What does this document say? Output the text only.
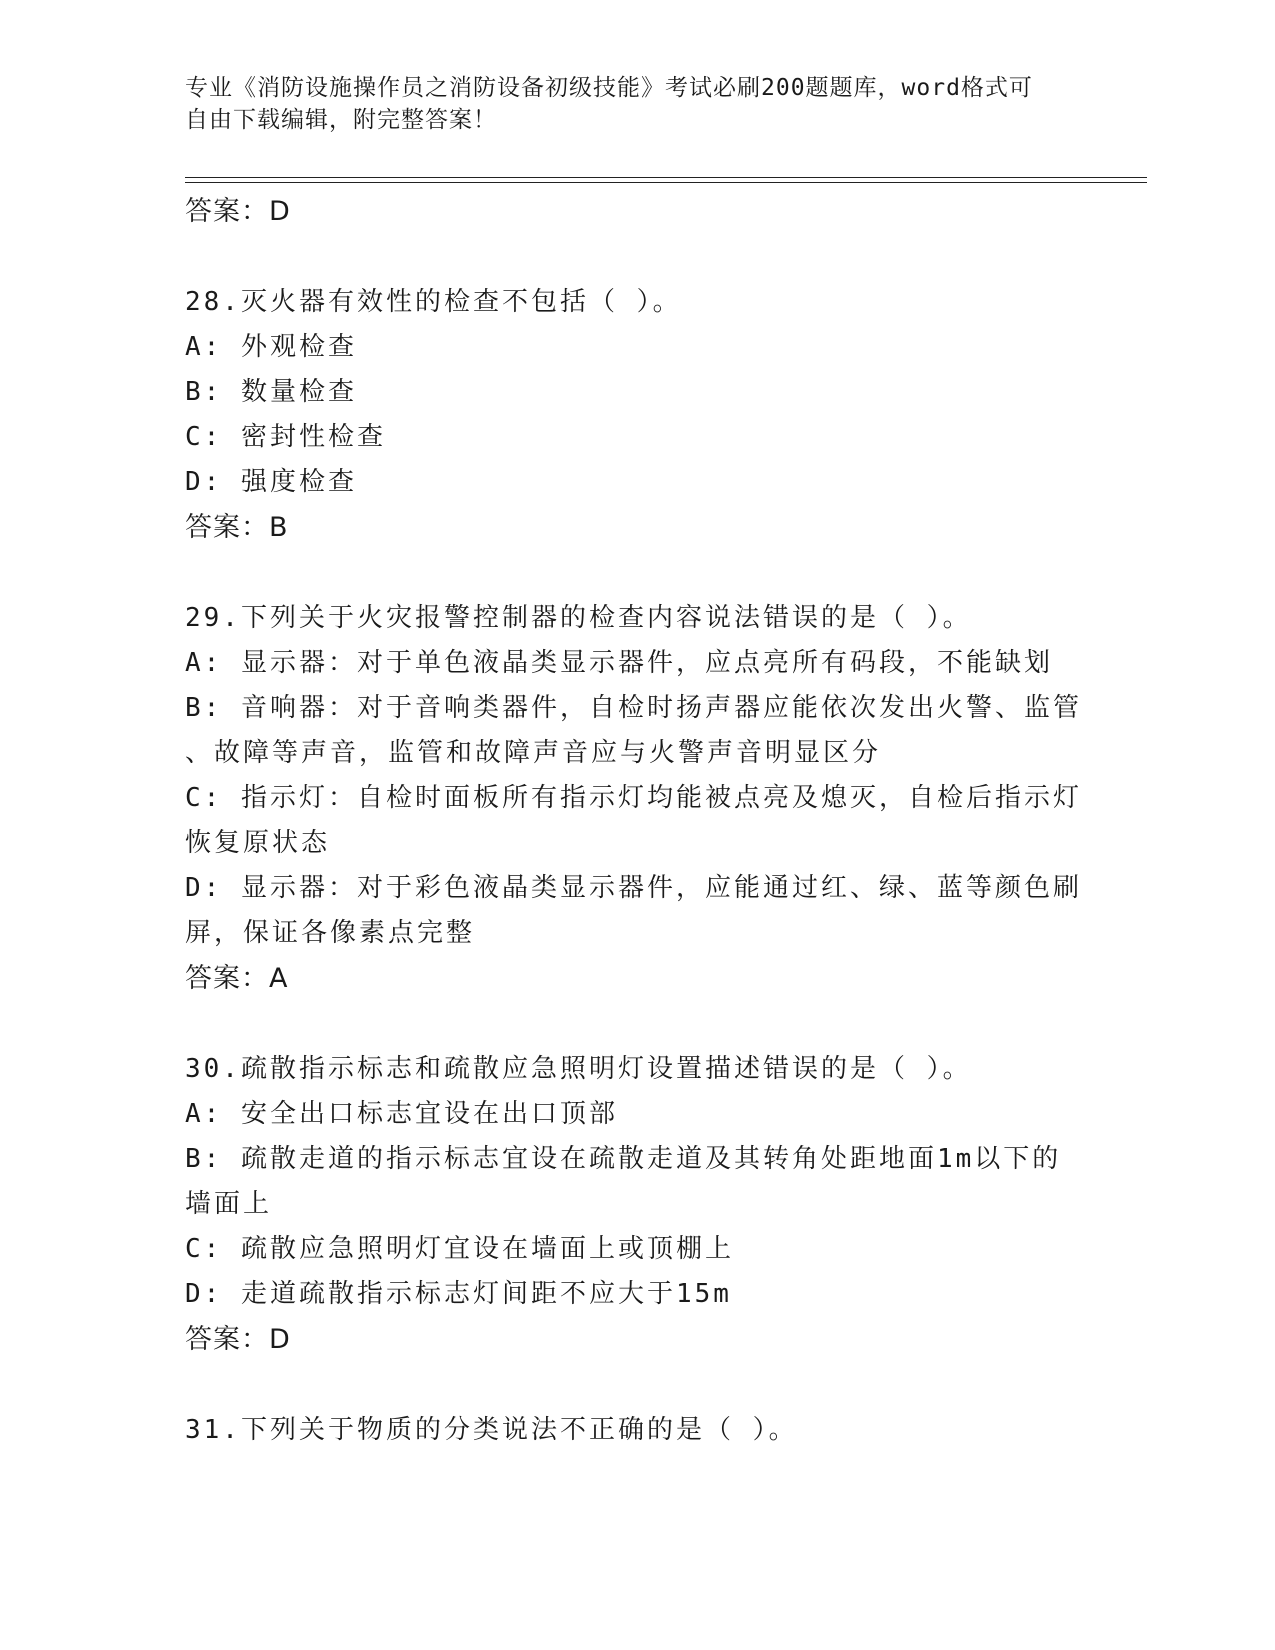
专业《消防设施操作员之消防设备初级技能》考试必刷200题题库，word格式可
自由下载编辑，附完整答案！
答案：D
28.灭火器有效性的检查不包括（ ）。
A: 外观检查
B: 数量检查
C: 密封性检查
D: 强度检查
答案：B
29.下列关于火灾报警控制器的检查内容说法错误的是（ ）。
A: 显示器：对于单色液晶类显示器件，应点亮所有码段，不能缺划
B: 音响器：对于音响类器件，自检时扬声器应能依次发出火警、监管
、故障等声音，监管和故障声音应与火警声音明显区分
C: 指示灯：自检时面板所有指示灯均能被点亮及熄灭，自检后指示灯
恢复原状态
D: 显示器：对于彩色液晶类显示器件，应能通过红、绿、蓝等颜色刷
屏，保证各像素点完整
答案：A
30.疏散指示标志和疏散应急照明灯设置描述错误的是（ ）。
A: 安全出口标志宜设在出口顶部
B: 疏散走道的指示标志宜设在疏散走道及其转角处距地面1m以下的
墙面上
C: 疏散应急照明灯宜设在墙面上或顶棚上
D: 走道疏散指示标志灯间距不应大于15m
答案：D
31.下列关于物质的分类说法不正确的是（ ）。
